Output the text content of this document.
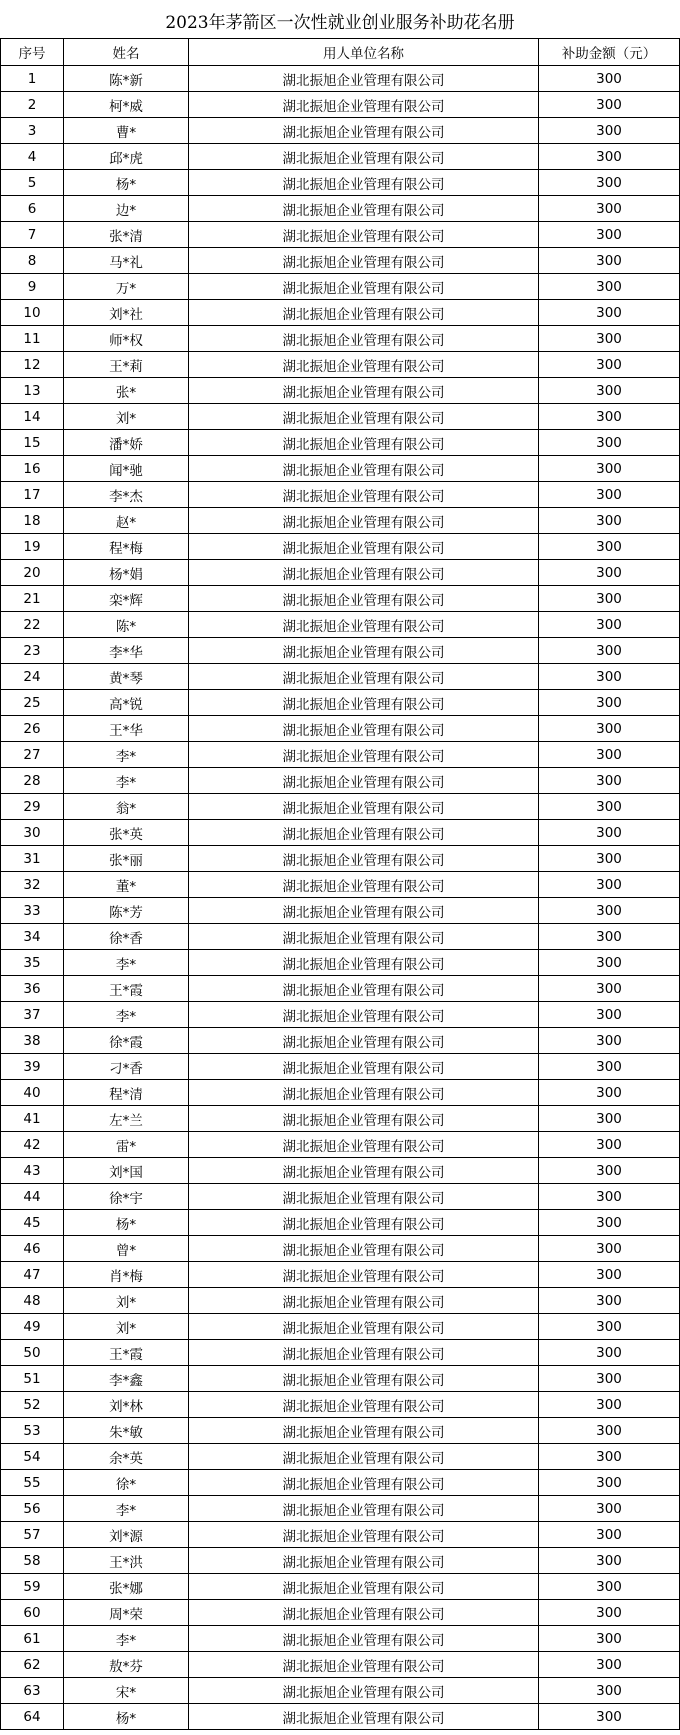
2023年茅箭区一次性就业创业服务补助花名册
序号	姓名	用人单位名称	补助金额（元）
1	陈*新	湖北振旭企业管理有限公司	300
2	柯*威	湖北振旭企业管理有限公司	300
3	曹*	湖北振旭企业管理有限公司	300
4	邱*虎	湖北振旭企业管理有限公司	300
5	杨*	湖北振旭企业管理有限公司	300
6	边*	湖北振旭企业管理有限公司	300
7	张*清	湖北振旭企业管理有限公司	300
8	马*礼	湖北振旭企业管理有限公司	300
9	万*	湖北振旭企业管理有限公司	300
10	刘*社	湖北振旭企业管理有限公司	300
11	师*权	湖北振旭企业管理有限公司	300
12	王*莉	湖北振旭企业管理有限公司	300
13	张*	湖北振旭企业管理有限公司	300
14	刘*	湖北振旭企业管理有限公司	300
15	潘*娇	湖北振旭企业管理有限公司	300
16	闻*驰	湖北振旭企业管理有限公司	300
17	李*杰	湖北振旭企业管理有限公司	300
18	赵*	湖北振旭企业管理有限公司	300
19	程*梅	湖北振旭企业管理有限公司	300
20	杨*娟	湖北振旭企业管理有限公司	300
21	栾*辉	湖北振旭企业管理有限公司	300
22	陈*	湖北振旭企业管理有限公司	300
23	李*华	湖北振旭企业管理有限公司	300
24	黄*琴	湖北振旭企业管理有限公司	300
25	高*锐	湖北振旭企业管理有限公司	300
26	王*华	湖北振旭企业管理有限公司	300
27	李*	湖北振旭企业管理有限公司	300
28	李*	湖北振旭企业管理有限公司	300
29	翁*	湖北振旭企业管理有限公司	300
30	张*英	湖北振旭企业管理有限公司	300
31	张*丽	湖北振旭企业管理有限公司	300
32	董*	湖北振旭企业管理有限公司	300
33	陈*芳	湖北振旭企业管理有限公司	300
34	徐*香	湖北振旭企业管理有限公司	300
35	李*	湖北振旭企业管理有限公司	300
36	王*霞	湖北振旭企业管理有限公司	300
37	李*	湖北振旭企业管理有限公司	300
38	徐*霞	湖北振旭企业管理有限公司	300
39	刁*香	湖北振旭企业管理有限公司	300
40	程*清	湖北振旭企业管理有限公司	300
41	左*兰	湖北振旭企业管理有限公司	300
42	雷*	湖北振旭企业管理有限公司	300
43	刘*国	湖北振旭企业管理有限公司	300
44	徐*宇	湖北振旭企业管理有限公司	300
45	杨*	湖北振旭企业管理有限公司	300
46	曾*	湖北振旭企业管理有限公司	300
47	肖*梅	湖北振旭企业管理有限公司	300
48	刘*	湖北振旭企业管理有限公司	300
49	刘*	湖北振旭企业管理有限公司	300
50	王*霞	湖北振旭企业管理有限公司	300
51	李*鑫	湖北振旭企业管理有限公司	300
52	刘*林	湖北振旭企业管理有限公司	300
53	朱*敏	湖北振旭企业管理有限公司	300
54	余*英	湖北振旭企业管理有限公司	300
55	徐*	湖北振旭企业管理有限公司	300
56	李*	湖北振旭企业管理有限公司	300
57	刘*源	湖北振旭企业管理有限公司	300
58	王*洪	湖北振旭企业管理有限公司	300
59	张*娜	湖北振旭企业管理有限公司	300
60	周*荣	湖北振旭企业管理有限公司	300
61	李*	湖北振旭企业管理有限公司	300
62	敖*芬	湖北振旭企业管理有限公司	300
63	宋*	湖北振旭企业管理有限公司	300
64	杨*	湖北振旭企业管理有限公司	300
